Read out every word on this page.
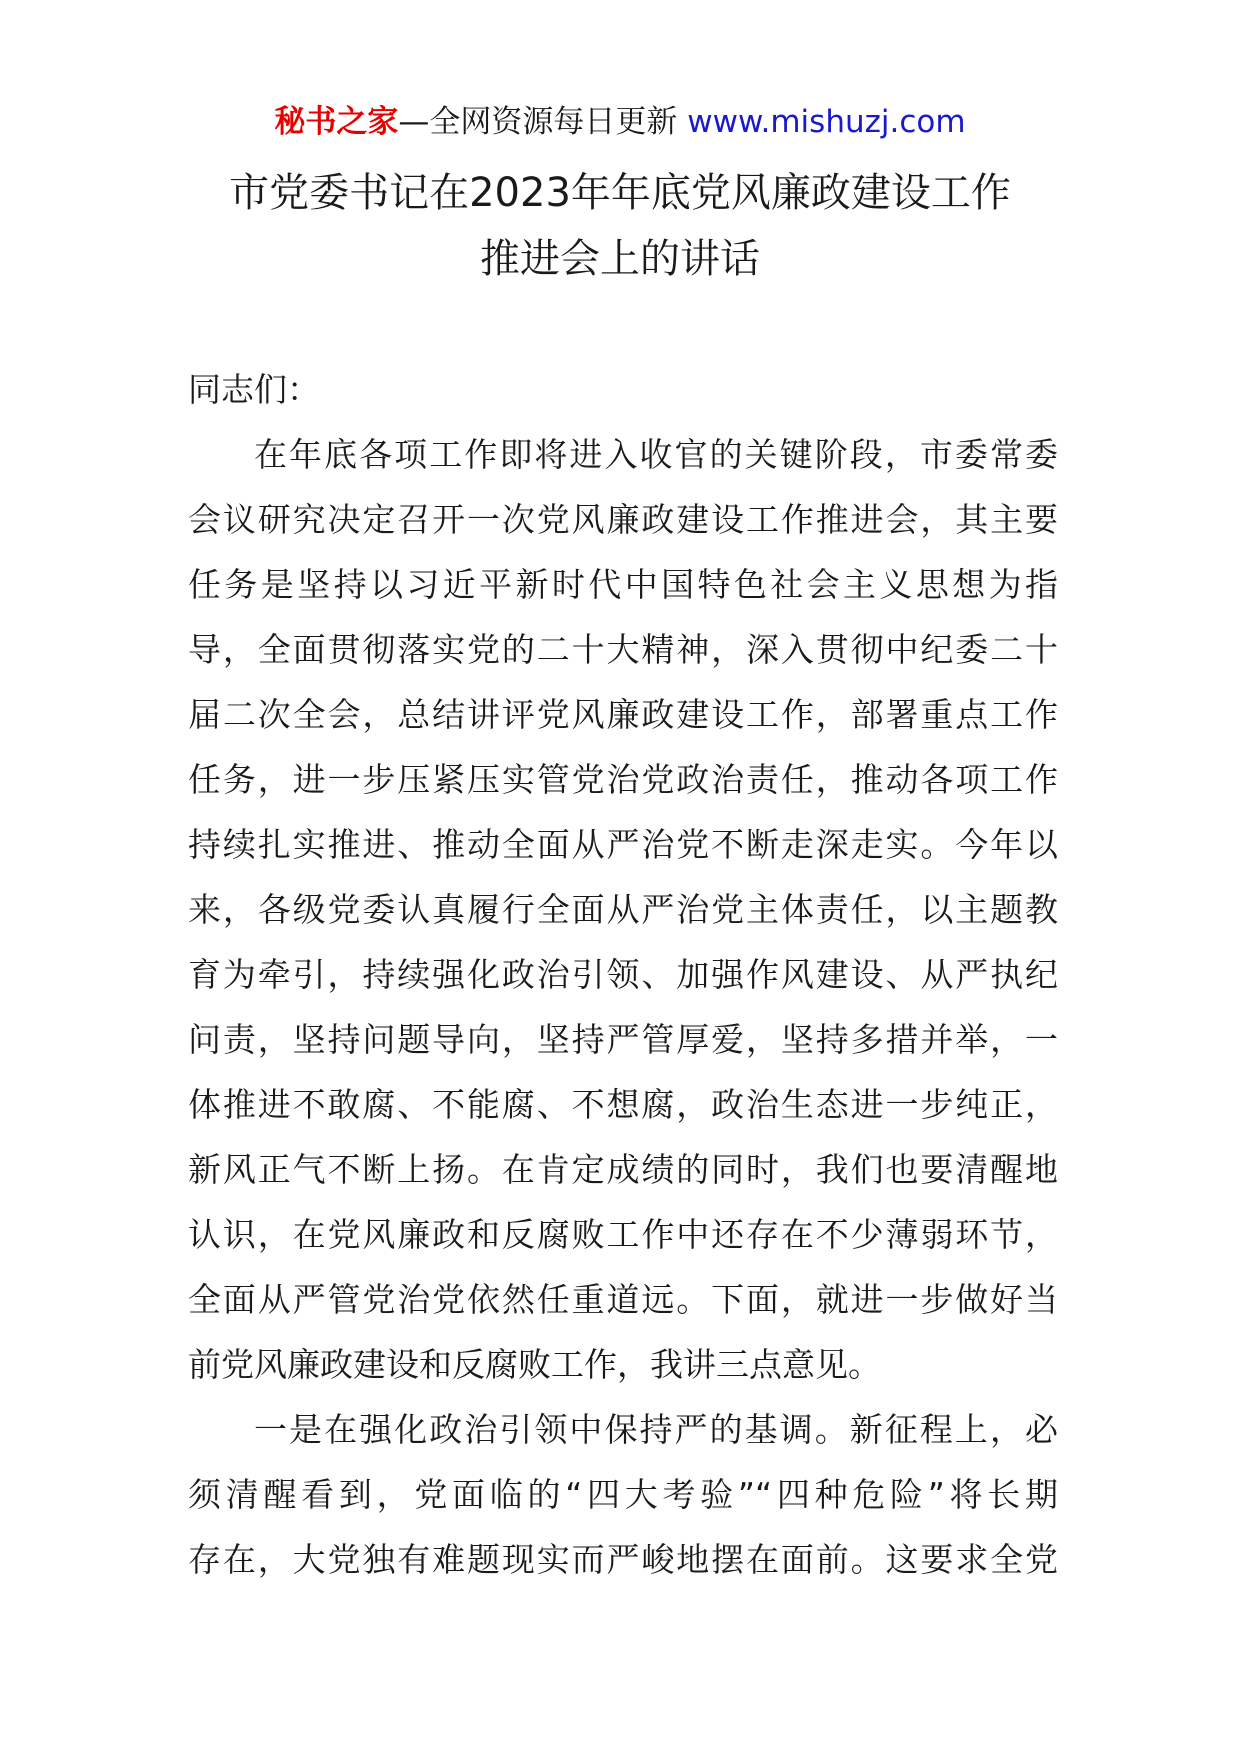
秘书之家—全网资源每日更新 www.mishuzj.com
市党委书记在2023年年底党风廉政建设工作
推进会上的讲话
同志们：
在年底各项工作即将进入收官的关键阶段，市委常委
会议研究决定召开一次党风廉政建设工作推进会，其主要
任务是坚持以习近平新时代中国特色社会主义思想为指
导，全面贯彻落实党的二十大精神，深入贯彻中纪委二十
届二次全会，总结讲评党风廉政建设工作，部署重点工作
任务，进一步压紧压实管党治党政治责任，推动各项工作
持续扎实推进、推动全面从严治党不断走深走实。今年以
来，各级党委认真履行全面从严治党主体责任，以主题教
育为牵引，持续强化政治引领、加强作风建设、从严执纪
问责，坚持问题导向，坚持严管厚爱，坚持多措并举，一
体推进不敢腐、不能腐、不想腐，政治生态进一步纯正，
新风正气不断上扬。在肯定成绩的同时，我们也要清醒地
认识，在党风廉政和反腐败工作中还存在不少薄弱环节，
全面从严管党治党依然任重道远。下面，就进一步做好当
前党风廉政建设和反腐败工作，我讲三点意见。
一是在强化政治引领中保持严的基调。新征程上，必
须清醒看到，党面临的“四大考验”“四种危险”将长期
存在，大党独有难题现实而严峻地摆在面前。这要求全党
